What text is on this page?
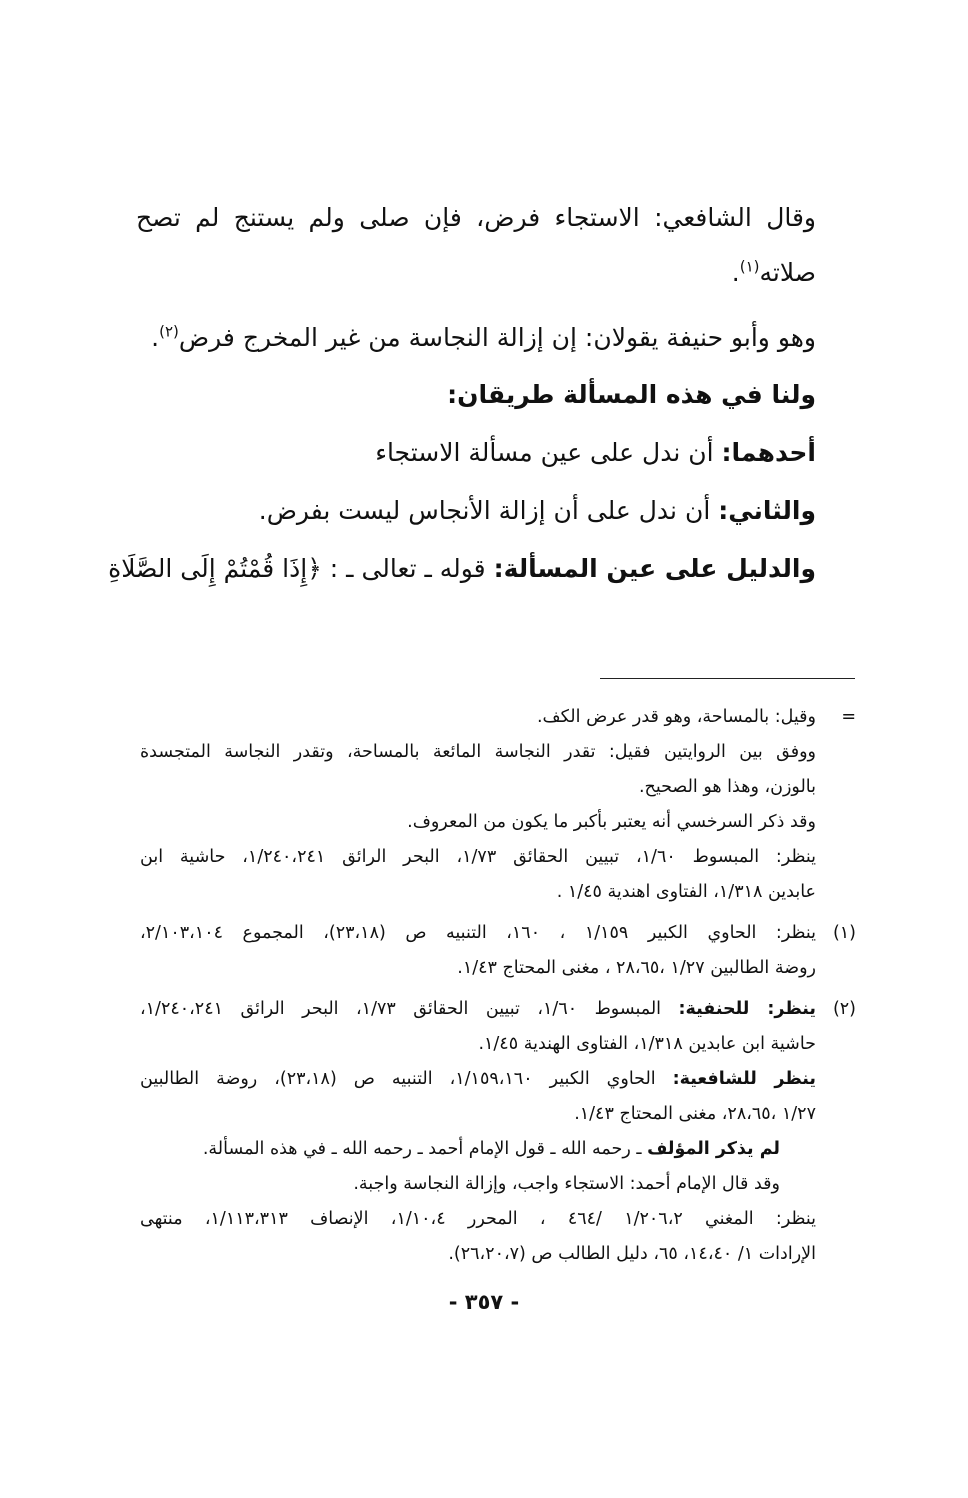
وقال الشافعي: الاستجاء فرض، فإن صلى ولم يستنج لم تصح صلاته$^{(١)}$.

وهو وأبو حنيفة يقولان: إن إزالة النجاسة من غير المخرج فرض$^{(٢)}$.

ولنا في هذه المسألة طريقان:
أحدهما: أن ندل على عين مسألة الاستجاء
والثاني: أن ندل على أن إزالة الأنجاس ليست بفرض.
والدليل على عين المسألة: قوله ـ تعالى ـ : ﴿إِذَا قُمْتُمْ إِلَى الصَّلَاةِ
=
وقيل: بالمساحة، وهو قدر عرض الكف.
ووفق بين الروايتين فقيل: تقدر النجاسة المائعة بالمساحة، وتقدر النجاسة المتجسدة
بالوزن، وهذا هو الصحيح.
وقد ذكر السرخسي أنه يعتبر بأكبر ما يكون من المعروف.
ينظر: المبسوط ١/٦٠، تبيين الحقائق ١/٧٣، البحر الرائق ١/٢٤٠،٢٤١، حاشية ابن
عابدين ١/٣١٨، الفتاوى اهندية ١/٤٥ .
(١)
ينظر: الحاوي الكبير ١/١٥٩ ، ١٦٠، التنبيه ص (٢٣،١٨)، المجموع ٢/١٠٣،١٠٤،
روضة الطالبين ١/٢٧ ،٢٨،٦٥ ، مغنى المحتاج ١/٤٣.
(٢)
ينظر: للحنفية: المبسوط ١/٦٠، تبيين الحقائق ١/٧٣، البحر الرائق ١/٢٤٠،٢٤١،
حاشية ابن عابدين ١/٣١٨، الفتاوى الهندية ١/٤٥.
ينظر للشافعية: الحاوي الكبير ١/١٥٩،١٦٠، التنبيه ص (٢٣،١٨)، روضة الطالبين
١/٢٧ ،٢٨،٦٥، مغنى المحتاج ١/٤٣.
لم يذكر المؤلف ـ رحمه الله ـ قول الإمام أحمد ـ رحمه الله ـ في هذه المسألة.
وقد قال الإمام أحمد: الاستجاء واجب، وإزالة النجاسة واجبة.
ينظر: المغني ١/٢٠٦،٢ /٤٦٤ ، المحرر ١/١٠،٤، الإنصاف ١/١١٣،٣١٣، منتهى
الإرادات ١/ ١٤،٤٠، ٦٥، دليل الطالب ص (٢٦،٢٠،٧).
- ٣٥٧ -
